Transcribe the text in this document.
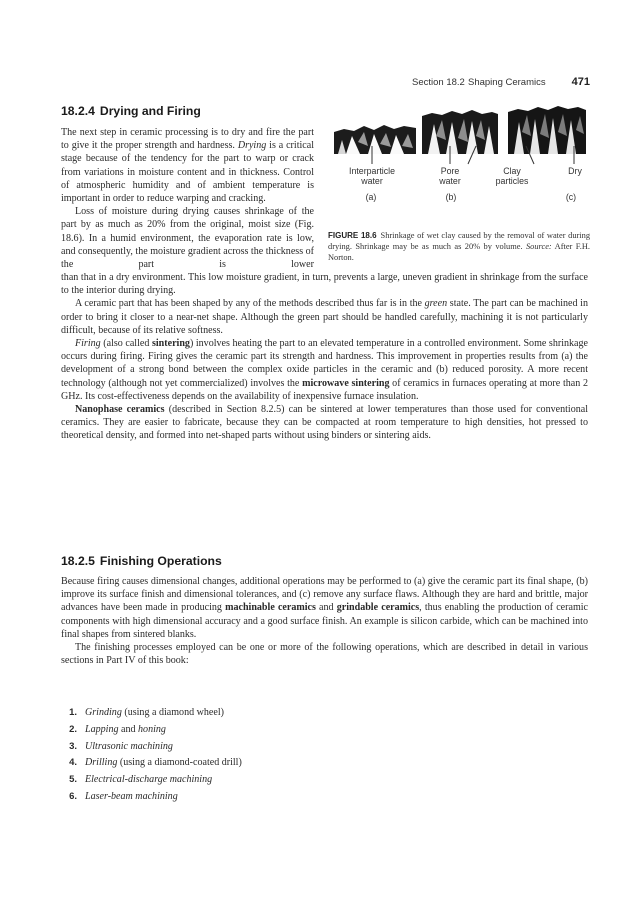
Section 18.2 Shaping Ceramics 471
18.2.4 Drying and Firing

The next step in ceramic processing is to dry and fire the part to give it the proper strength and hardness. Drying is a critical stage because of the tendency for the part to warp or crack from variations in moisture content and in thickness. Control of atmospheric humidity and of ambient temperature is important in order to reduce warping and cracking.

Loss of moisture during drying causes shrinkage of the part by as much as 20% from the original, moist size (Fig. 18.6). In a humid environment, the evaporation rate is low, and consequently, the moisture gradient across the thickness of the part is lower

Interparticle
water
Pore
water
Clay
particles
Dry
(a)	(b)	(c)
FIGURE 18.6 Shrinkage of wet clay caused by the removal of water during drying. Shrinkage may be as much as 20% by volume. Source: After F.H. Norton.

than that in a dry environment. This low moisture gradient, in turn, prevents a large, uneven gradient in shrinkage from the surface to the interior during drying.

A ceramic part that has been shaped by any of the methods described thus far is in the green state. The part can be machined in order to bring it closer to a near-net shape. Although the green part should be handled carefully, machining it is not particularly difficult, because of its relative softness.

Firing (also called sintering) involves heating the part to an elevated temperature in a controlled environment. Some shrinkage occurs during firing. Firing gives the ceramic part its strength and hardness. This improvement in properties results from (a) the development of a strong bond between the complex oxide particles in the ceramic and (b) reduced porosity. A more recent technology (although not yet commercialized) involves the microwave sintering of ceramics in furnaces operating at more than 2 GHz. Its cost-effectiveness depends on the availability of inexpensive furnace insulation.

Nanophase ceramics (described in Section 8.2.5) can be sintered at lower temperatures than those used for conventional ceramics. They are easier to fabricate, because they can be compacted at room temperature to high densities, hot pressed to theoretical density, and formed into net-shaped parts without using binders or sintering aids.

18.2.5 Finishing Operations

Because firing causes dimensional changes, additional operations may be performed to (a) give the ceramic part its final shape, (b) improve its surface finish and dimensional tolerances, and (c) remove any surface flaws. Although they are hard and brittle, major advances have been made in producing machinable ceramics and grindable ceramics, thus enabling the production of ceramic components with high dimensional accuracy and a good surface finish. An example is silicon carbide, which can be machined into final shapes from sintered blanks.

The finishing processes employed can be one or more of the following operations, which are described in detail in various sections in Part IV of this book:

1. Grinding (using a diamond wheel)
2. Lapping and honing
3. Ultrasonic machining
4. Drilling (using a diamond-coated drill)
5. Electrical-discharge machining
6. Laser-beam machining
